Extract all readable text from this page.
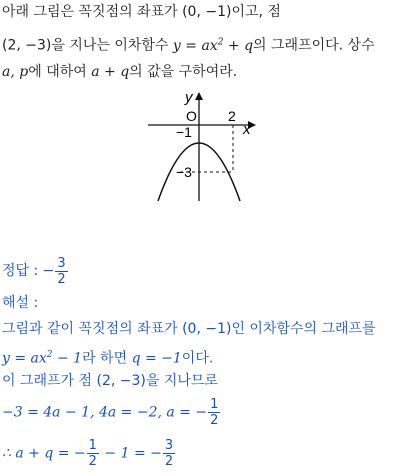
아래 그림은 꼭짓점의 좌표가 (0, −1)이고, 점
(2, −3)을 지나는 이차함수 $y = ax^2 + q$의 그래프이다. 상수
a, p에 대하여 a + q의 값을 구하여라.
y
x
O 2
−1
−3
정답 : − $\frac{3}{2}$
해설 :
그림과 같이 꼭짓점의 좌표가 (0, −1)인 이차함수의 그래프를
$y = ax^2 - 1$라 하면 q = −1이다.
이 그래프가 점 (2, −3)을 지나므로
−3 = 4a − 1, 4a = −2, a = − $\frac{1}{2}$
∴ a + q = − $\frac{1}{2} - 1$ = − $\frac{3}{2}$
